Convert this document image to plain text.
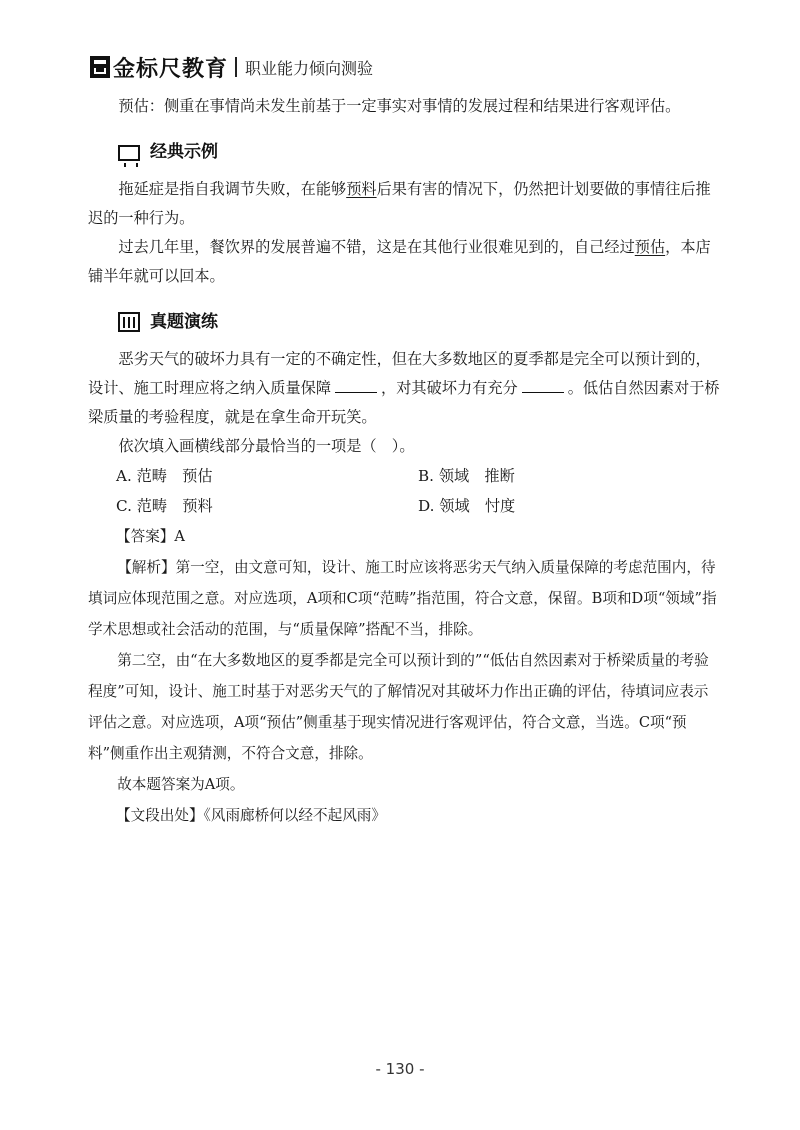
金标尺教育 职业能力倾向测验

预估：侧重在事情尚未发生前基于一定事实对事情的发展过程和结果进行客观评估。

经典示例

拖延症是指自我调节失败，在能够预料后果有害的情况下，仍然把计划要做的事情往后推迟的一种行为。

过去几年里，餐饮界的发展普遍不错，这是在其他行业很难见到的，自己经过预估，本店铺半年就可以回本。

真题演练

恶劣天气的破坏力具有一定的不确定性，但在大多数地区的夏季都是完全可以预计到的，设计、施工时理应将之纳入质量保障	，对其破坏力有充分	。低估自然因素对于桥梁质量的考验程度，就是在拿生命开玩笑。

依次填入画横线部分最恰当的一项是（　）。

A. 范畴　预估	B. 领域　推断
C. 范畴　预料	D. 领域　忖度

【答案】A

【解析】第一空，由文意可知，设计、施工时应该将恶劣天气纳入质量保障的考虑范围内，待填词应体现范围之意。对应选项，A项和C项“范畴”指范围，符合文意，保留。B项和D项“领域”指学术思想或社会活动的范围，与“质量保障”搭配不当，排除。

第二空，由“在大多数地区的夏季都是完全可以预计到的”“低估自然因素对于桥梁质量的考验程度”可知，设计、施工时基于对恶劣天气的了解情况对其破坏力作出正确的评估，待填词应表示评估之意。对应选项，A项“预估”侧重基于现实情况进行客观评估，符合文意，当选。C项“预料”侧重作出主观猜测，不符合文意，排除。

故本题答案为A项。

【文段出处】《风雨廊桥何以经不起风雨》

- 130 -
